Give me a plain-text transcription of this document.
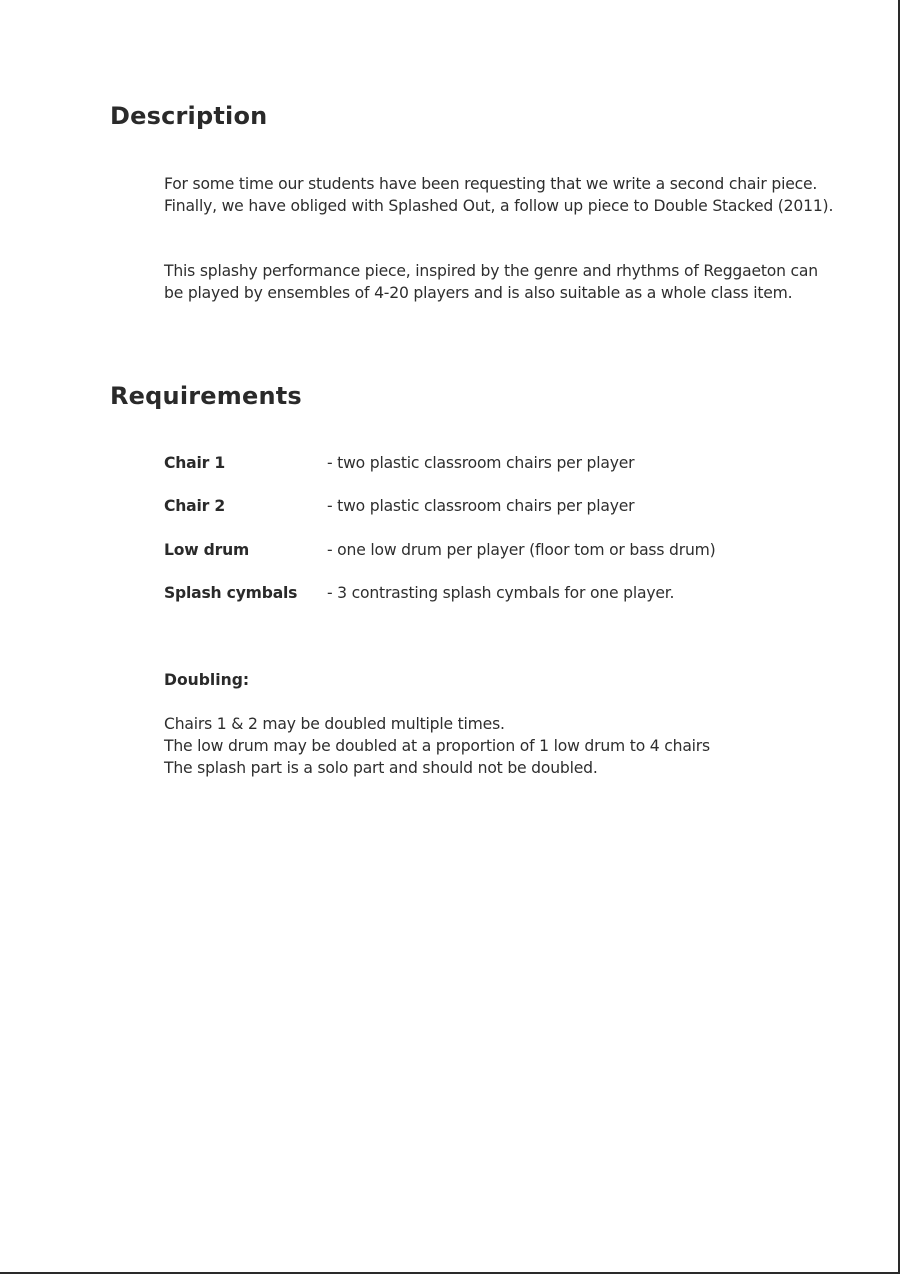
Description

For some time our students have been requesting that we write a second chair piece. Finally, we have obliged with Splashed Out, a follow up piece to Double Stacked (2011).

This splashy performance piece, inspired by the genre and rhythms of Reggaeton can be played by ensembles of 4-20 players and is also suitable as a whole class item.

Requirements
Chair 1	- two plastic classroom chairs per player
Chair 2	- two plastic classroom chairs per player
Low drum	- one low drum per player (floor tom or bass drum)
Splash cymbals - 3 contrasting splash cymbals for one player.
Doubling:
Chairs 1 & 2 may be doubled multiple times.
The low drum may be doubled at a proportion of 1 low drum to 4 chairs
The splash part is a solo part and should not be doubled.
